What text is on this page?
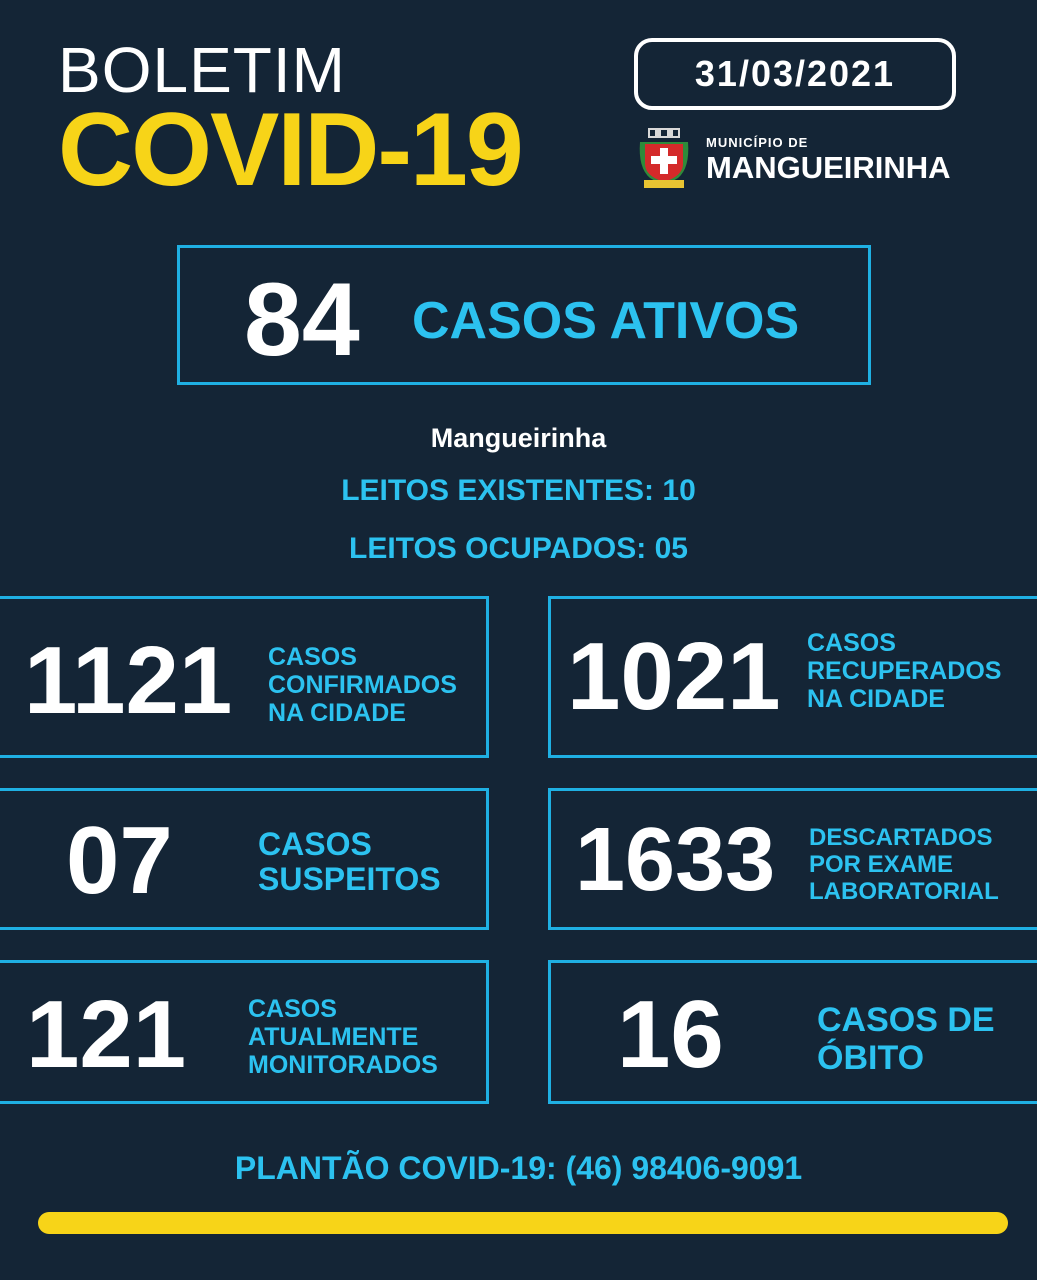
BOLETIM
COVID-19
31/03/2021
MUNICÍPIO DE
MANGUEIRINHA
84 CASOS ATIVOS
Mangueirinha
LEITOS EXISTENTES: 10
LEITOS OCUPADOS: 05
1121 CASOS
CONFIRMADOS
NA CIDADE	1021 CASOS
RECUPERADOS
NA CIDADE
07	CASOS
SUSPEITOS 1633 DESCARTADOS
POR EXAME
LABORATORIAL
121 CASOS
ATUALMENTE
MONITORADOS 16	CASOS DE
ÓBITO
PLANTÃO COVID-19: (46) 98406-9091
